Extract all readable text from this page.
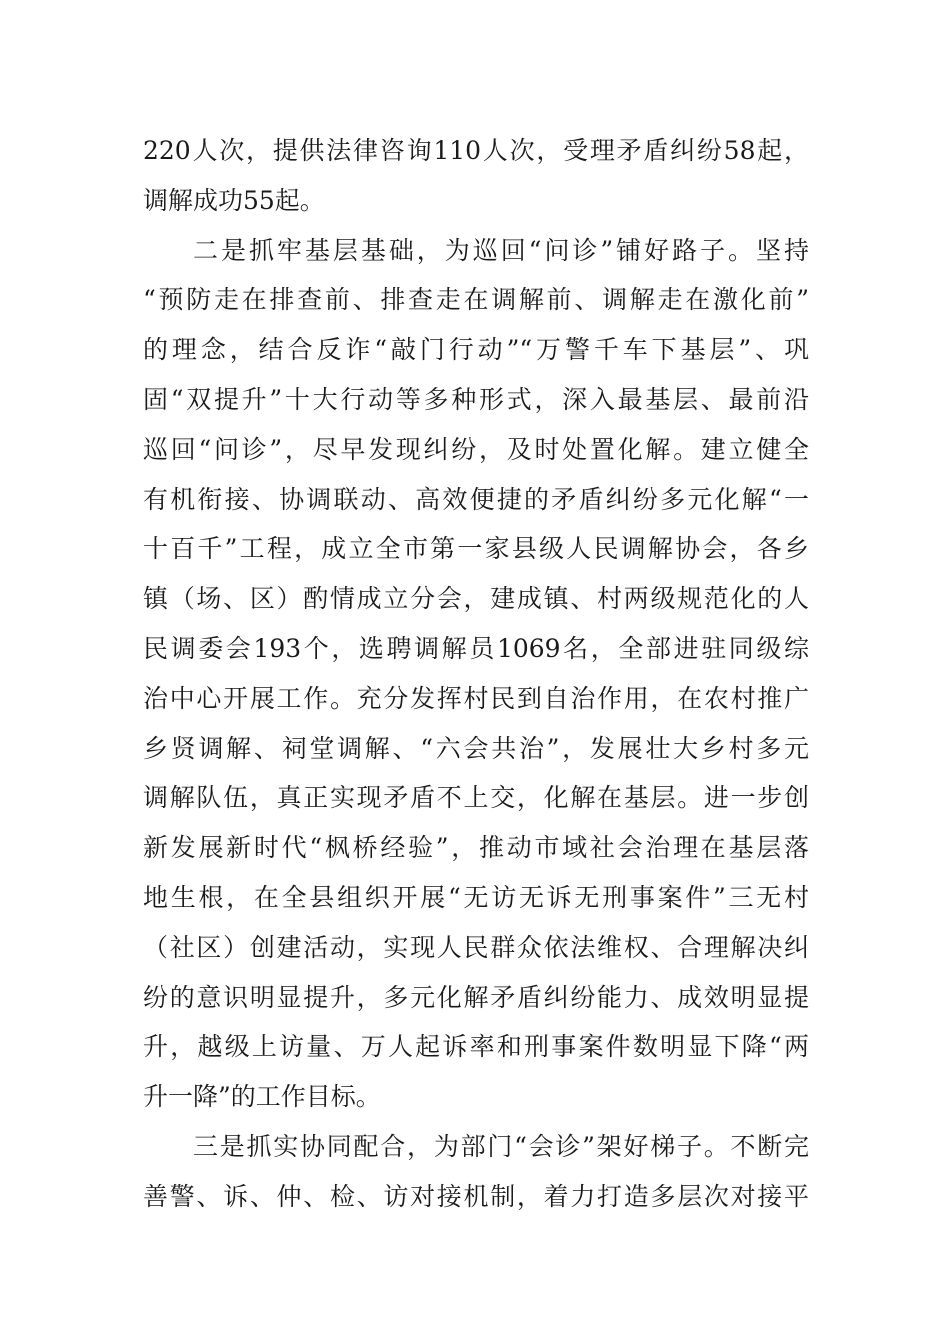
220人次，提供法律咨询110人次，受理矛盾纠纷58起，
调解成功55起。
二是抓牢基层基础，为巡回“问诊”铺好路子。坚持
“预防走在排查前、排查走在调解前、调解走在激化前”
的理念，结合反诈“敲门行动”“万警千车下基层”、巩
固“双提升”十大行动等多种形式，深入最基层、最前沿
巡回“问诊”，尽早发现纠纷，及时处置化解。建立健全
有机衔接、协调联动、高效便捷的矛盾纠纷多元化解“一
十百千”工程，成立全市第一家县级人民调解协会，各乡
镇（场、区）酌情成立分会，建成镇、村两级规范化的人
民调委会193个，选聘调解员1069名，全部进驻同级综
治中心开展工作。充分发挥村民到自治作用，在农村推广
乡贤调解、祠堂调解、“六会共治”，发展壮大乡村多元
调解队伍，真正实现矛盾不上交，化解在基层。进一步创
新发展新时代“枫桥经验”，推动市域社会治理在基层落
地生根，在全县组织开展“无访无诉无刑事案件”三无村
（社区）创建活动，实现人民群众依法维权、合理解决纠
纷的意识明显提升，多元化解矛盾纠纷能力、成效明显提
升，越级上访量、万人起诉率和刑事案件数明显下降“两
升一降”的工作目标。
三是抓实协同配合，为部门“会诊”架好梯子。不断完
善警、诉、仲、检、访对接机制，着力打造多层次对接平
